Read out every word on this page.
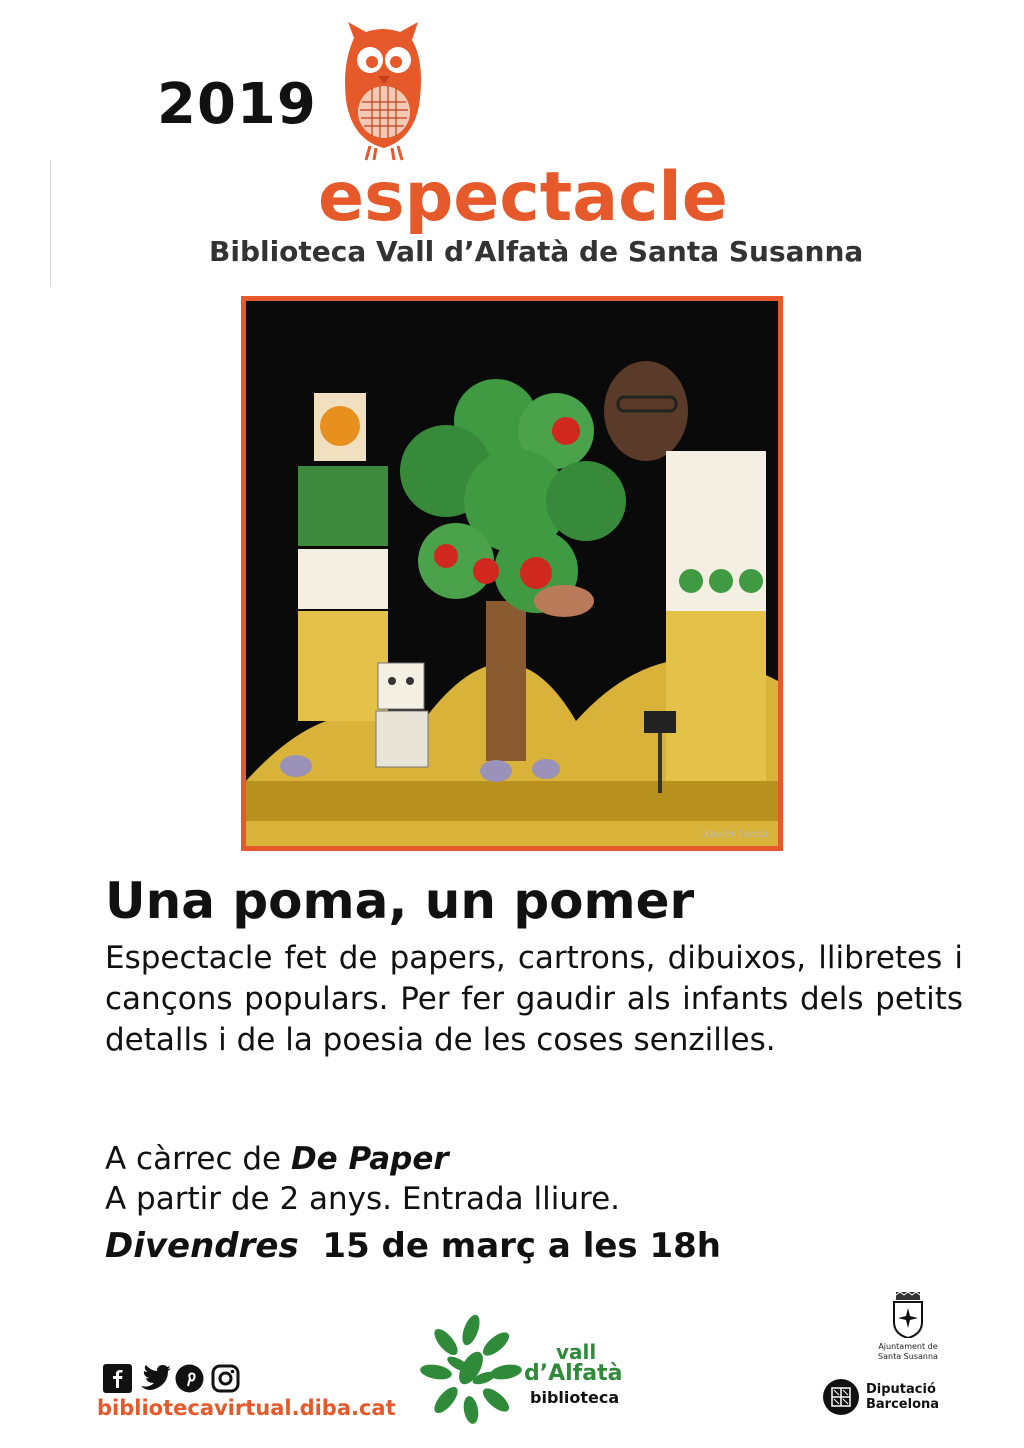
2019
espectacle
Biblioteca Vall d’Alfatà de Santa Susanna
Xavier Loncà
Una poma, un pomer
Espectacle fet de papers, cartrons, dibuixos, llibretes i cançons populars. Per fer gaudir als infants dels petits detalls i de la poesia de les coses senzilles.
A càrrec de De Paper
A partir de 2 anys. Entrada lliure.
Divendres 15 de març a les 18h
bibliotecavirtual.diba.cat
vall
d’Alfatà
biblioteca
Ajuntament de
Santa Susanna
Diputació
Barcelona
